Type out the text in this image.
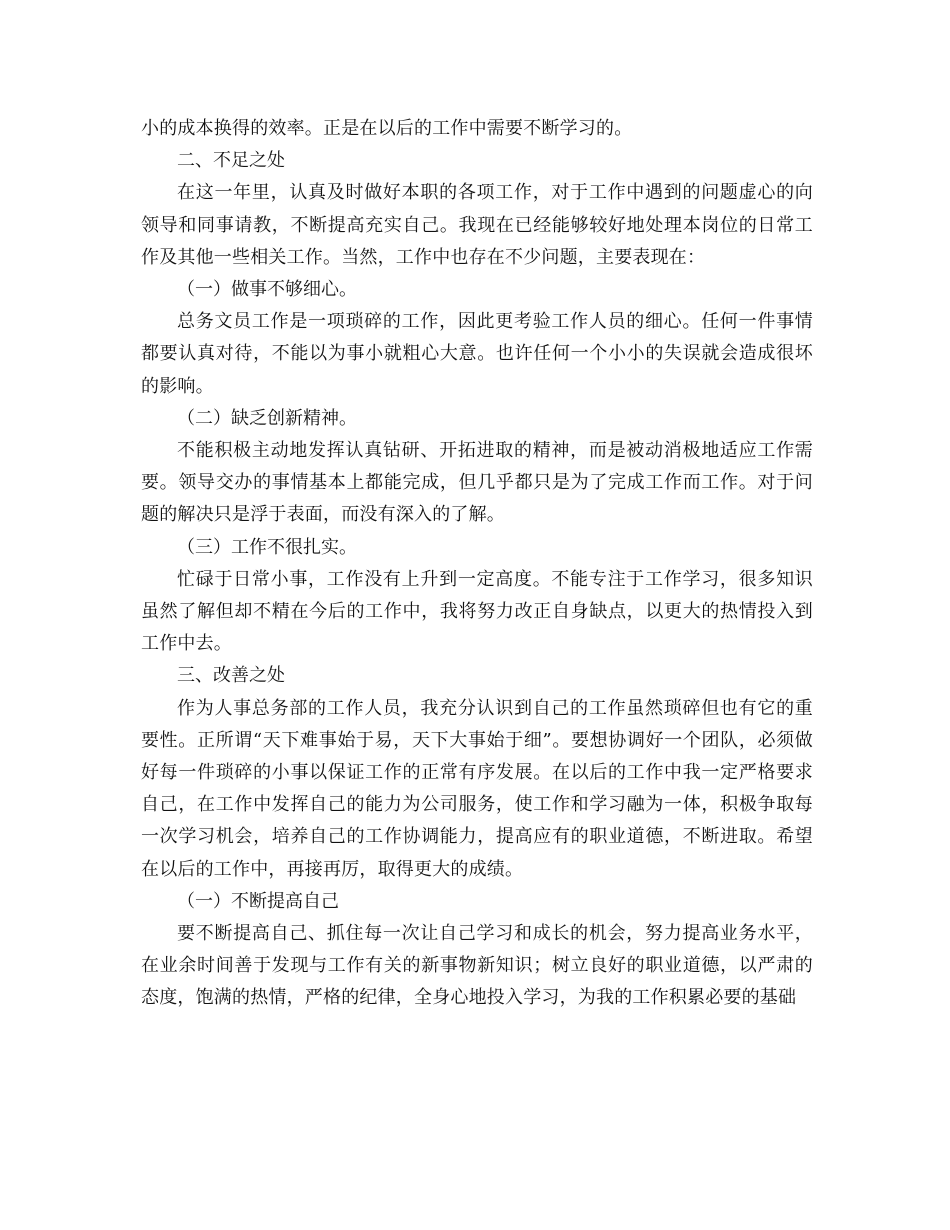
小的成本换得的效率。正是在以后的工作中需要不断学习的。

二、不足之处

在这一年里，认真及时做好本职的各项工作，对于工作中遇到的问题虚心的向领导和同事请教，不断提高充实自己。我现在已经能够较好地处理本岗位的日常工作及其他一些相关工作。当然，工作中也存在不少问题，主要表现在：

（一）做事不够细心。

总务文员工作是一项琐碎的工作，因此更考验工作人员的细心。任何一件事情都要认真对待，不能以为事小就粗心大意。也许任何一个小小的失误就会造成很坏的影响。

（二）缺乏创新精神。

不能积极主动地发挥认真钻研、开拓进取的精神，而是被动消极地适应工作需要。领导交办的事情基本上都能完成，但几乎都只是为了完成工作而工作。对于问题的解决只是浮于表面，而没有深入的了解。

（三）工作不很扎实。

忙碌于日常小事，工作没有上升到一定高度。不能专注于工作学习，很多知识虽然了解但却不精在今后的工作中，我将努力改正自身缺点，以更大的热情投入到工作中去。

三、改善之处

作为人事总务部的工作人员，我充分认识到自己的工作虽然琐碎但也有它的重要性。正所谓“天下难事始于易，天下大事始于细”。要想协调好一个团队，必须做好每一件琐碎的小事以保证工作的正常有序发展。在以后的工作中我一定严格要求自己，在工作中发挥自己的能力为公司服务，使工作和学习融为一体，积极争取每一次学习机会，培养自己的工作协调能力，提高应有的职业道德，不断进取。希望在以后的工作中，再接再厉，取得更大的成绩。

（一）不断提高自己

要不断提高自己、抓住每一次让自己学习和成长的机会，努力提高业务水平，在业余时间善于发现与工作有关的新事物新知识；树立良好的职业道德，以严肃的态度，饱满的热情，严格的纪律，全身心地投入学习，为我的工作积累必要的基础
